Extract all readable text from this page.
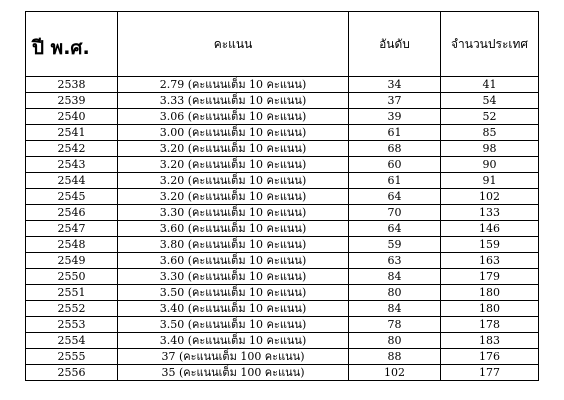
ปี พ.ศ.	คะแนน	อันดับ	จำนวนประเทศ
2538	2.79 (คะแนนเต็ม 10 คะแนน)	34	41
2539	3.33 (คะแนนเต็ม 10 คะแนน)	37	54
2540	3.06 (คะแนนเต็ม 10 คะแนน)	39	52
2541	3.00 (คะแนนเต็ม 10 คะแนน)	61	85
2542	3.20 (คะแนนเต็ม 10 คะแนน)	68	98
2543	3.20 (คะแนนเต็ม 10 คะแนน)	60	90
2544	3.20 (คะแนนเต็ม 10 คะแนน)	61	91
2545	3.20 (คะแนนเต็ม 10 คะแนน)	64	102
2546	3.30 (คะแนนเต็ม 10 คะแนน)	70	133
2547	3.60 (คะแนนเต็ม 10 คะแนน)	64	146
2548	3.80 (คะแนนเต็ม 10 คะแนน)	59	159
2549	3.60 (คะแนนเต็ม 10 คะแนน)	63	163
2550	3.30 (คะแนนเต็ม 10 คะแนน)	84	179
2551	3.50 (คะแนนเต็ม 10 คะแนน)	80	180
2552	3.40 (คะแนนเต็ม 10 คะแนน)	84	180
2553	3.50 (คะแนนเต็ม 10 คะแนน)	78	178
2554	3.40 (คะแนนเต็ม 10 คะแนน)	80	183
2555	37 (คะแนนเต็ม 100 คะแนน)	88	176
2556	35 (คะแนนเต็ม 100 คะแนน)	102	177
